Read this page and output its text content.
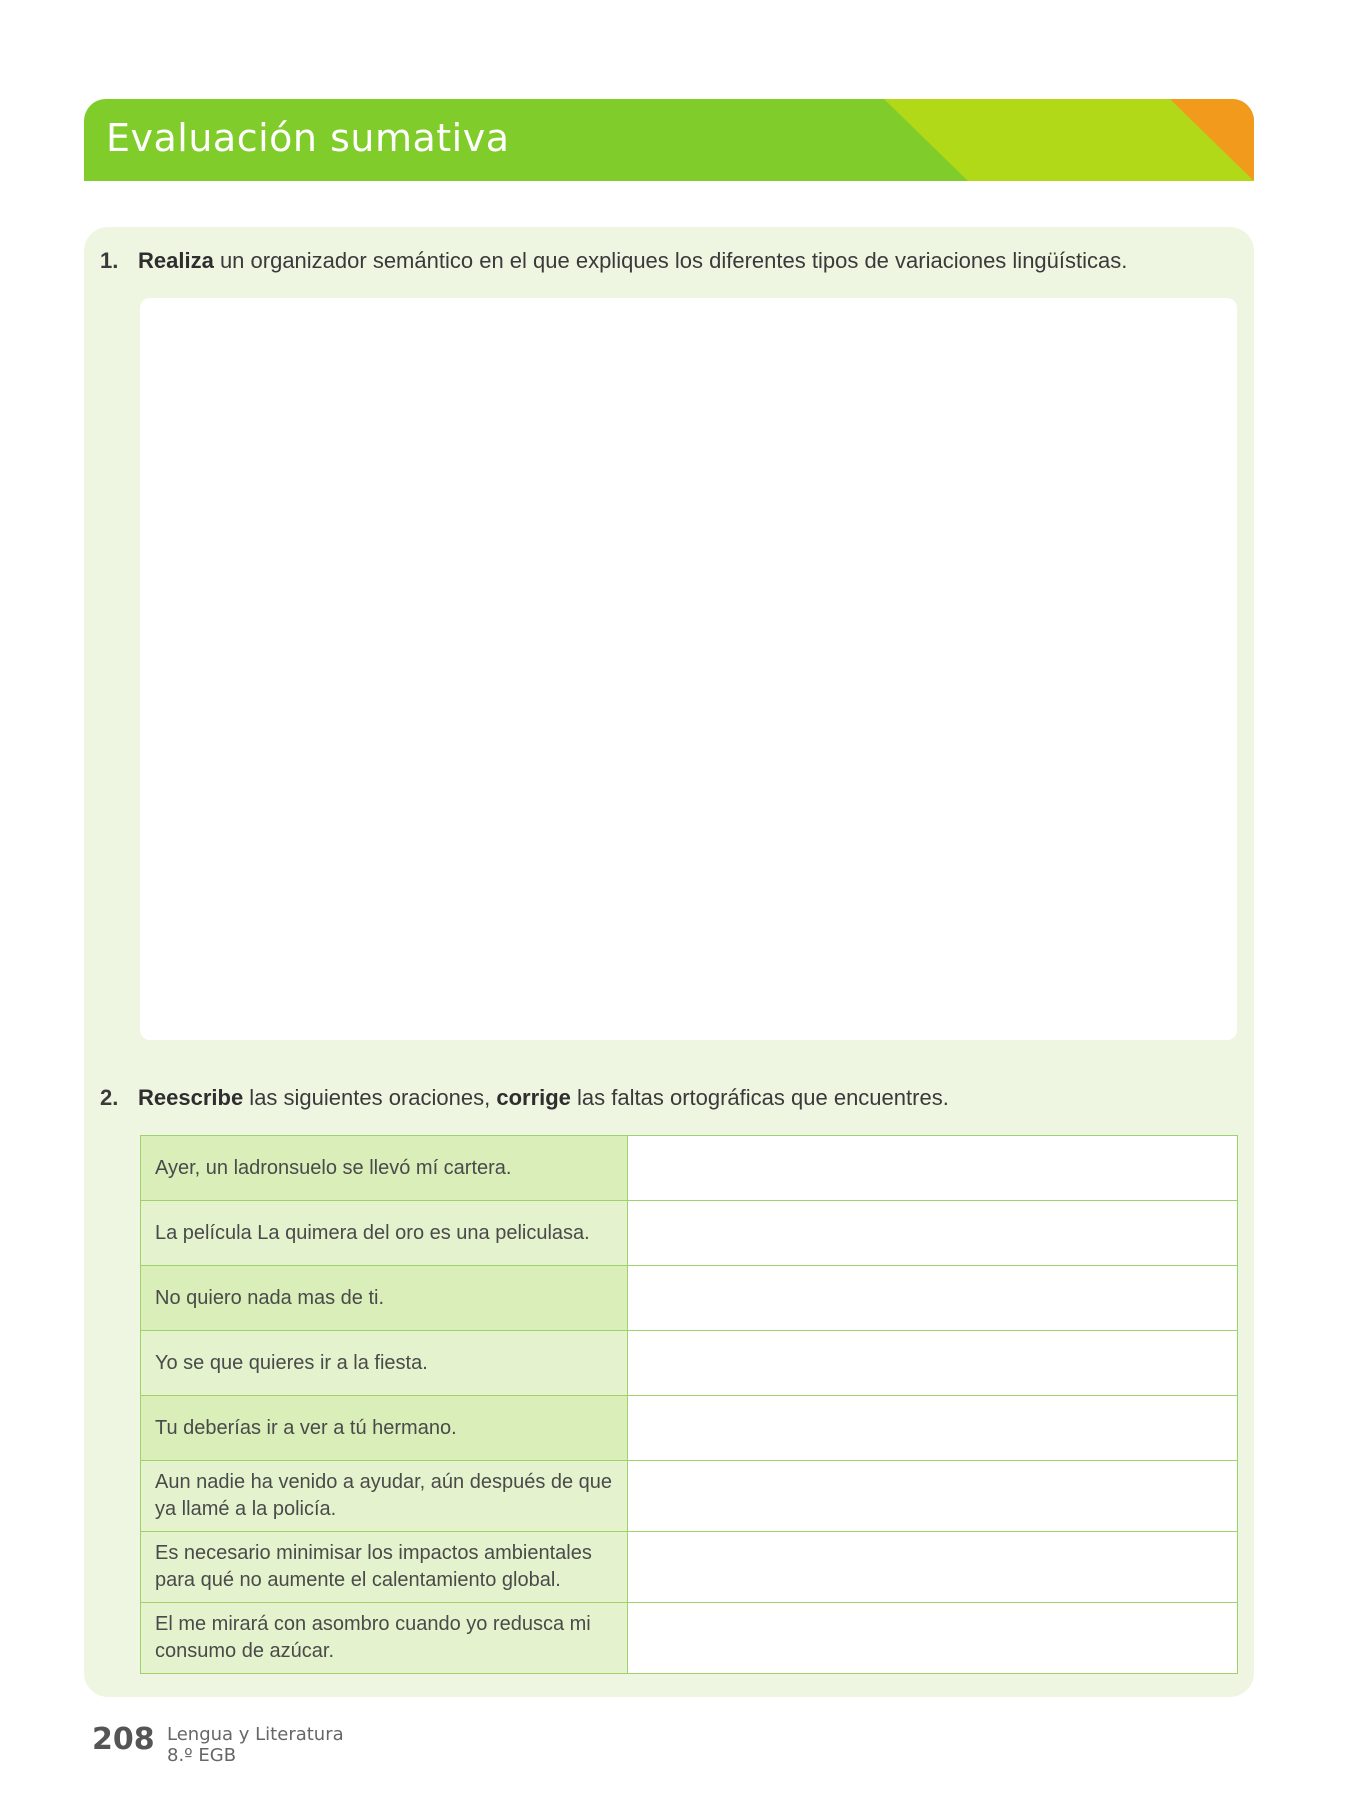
Evaluación sumativa
DUA
Acción y expresión
1. Realiza un organizador semántico en el que expliques los diferentes tipos de variaciones lingüísticas.
2. Reescribe las siguientes oraciones, corrige las faltas ortográficas que encuentres.
Ayer, un ladronsuelo se llevó mí cartera.	
La película La quimera del oro es una peliculasa.	
No quiero nada mas de ti.	
Yo se que quieres ir a la fiesta.	
Tu deberías ir a ver a tú hermano.	
Aun nadie ha venido a ayudar, aún después de que ya llamé a la policía.	
Es necesario minimisar los impactos ambientales para qué no aumente el calentamiento global.	
El me mirará con asombro cuando yo redusca mi consumo de azúcar.	
208 Lengua y Literatura
8.º EGB
